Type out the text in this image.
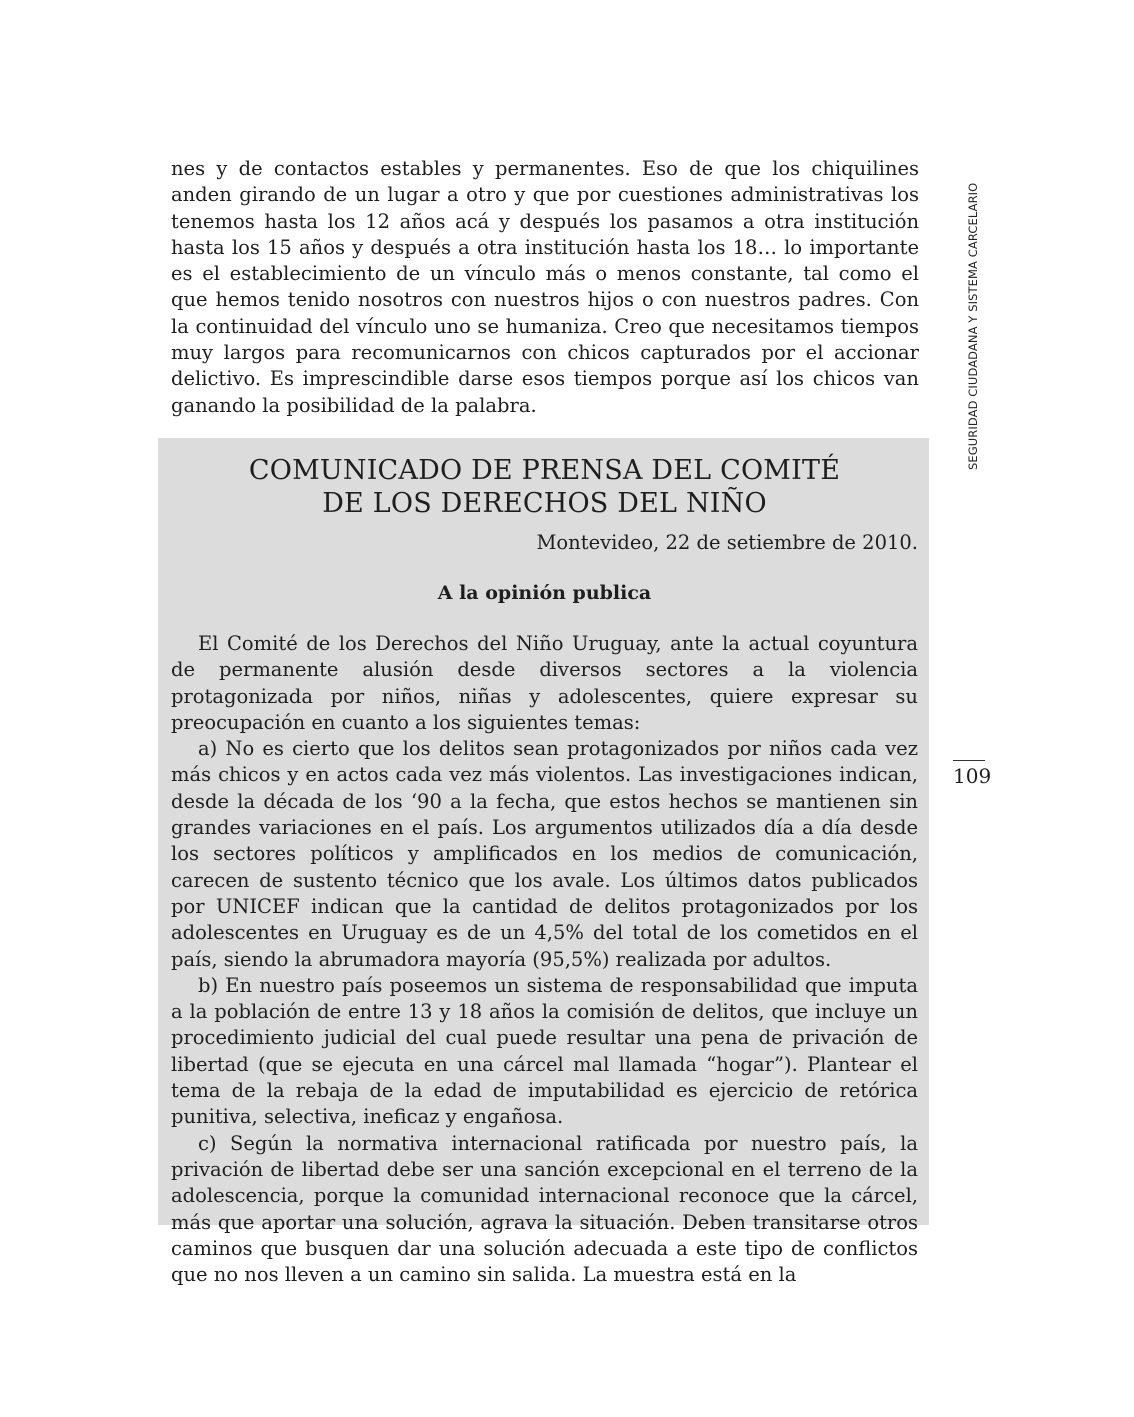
nes y de contactos estables y permanentes. Eso de que los chiquilines anden girando de un lugar a otro y que por cuestiones administrativas los tenemos hasta los 12 años acá y después los pasamos a otra institución hasta los 15 años y después a otra institución hasta los 18… lo importante es el establecimiento de un vínculo más o menos constante, tal como el que hemos tenido nosotros con nuestros hijos o con nuestros padres. Con la continuidad del vínculo uno se humaniza. Creo que necesitamos tiempos muy largos para recomunicarnos con chicos capturados por el accionar delictivo. Es imprescindible darse esos tiempos porque así los chicos van ganando la posibilidad de la palabra.	SEGURIDAD CIUDADANA Y SISTEMA CARCELARIO
109
COMUNICADO DE PRENSA DEL COMITÉ
DE LOS DERECHOS DEL NIÑO
Montevideo, 22 de setiembre de 2010.
A la opinión publica

El Comité de los Derechos del Niño Uruguay, ante la actual coyuntura de permanente alusión desde diversos sectores a la violencia protagonizada por niños, niñas y adolescentes, quiere expresar su preocupación en cuanto a los siguientes temas:

a) No es cierto que los delitos sean protagonizados por niños cada vez más chicos y en actos cada vez más violentos. Las investigaciones indican, desde la década de los ‘90 a la fecha, que estos hechos se mantienen sin grandes variaciones en el país. Los argumentos utilizados día a día desde los sectores políticos y amplificados en los medios de comunicación, carecen de sustento técnico que los avale. Los últimos datos publicados por UNICEF indican que la cantidad de delitos protagonizados por los adolescentes en Uruguay es de un 4,5% del total de los cometidos en el país, siendo la abrumadora mayoría (95,5%) realizada por adultos.

b) En nuestro país poseemos un sistema de responsabilidad que imputa a la población de entre 13 y 18 años la comisión de delitos, que incluye un procedimiento judicial del cual puede resultar una pena de privación de libertad (que se ejecuta en una cárcel mal llamada “hogar”). Plantear el tema de la rebaja de la edad de imputabilidad es ejercicio de retórica punitiva, selectiva, ineficaz y engañosa.

c) Según la normativa internacional ratificada por nuestro país, la privación de libertad debe ser una sanción excepcional en el terreno de la adolescencia, porque la comunidad internacional reconoce que la cárcel, más que aportar una solución, agrava la situación. Deben transitarse otros caminos que busquen dar una solución adecuada a este tipo de conflictos que no nos lleven a un camino sin salida. La muestra está en la
